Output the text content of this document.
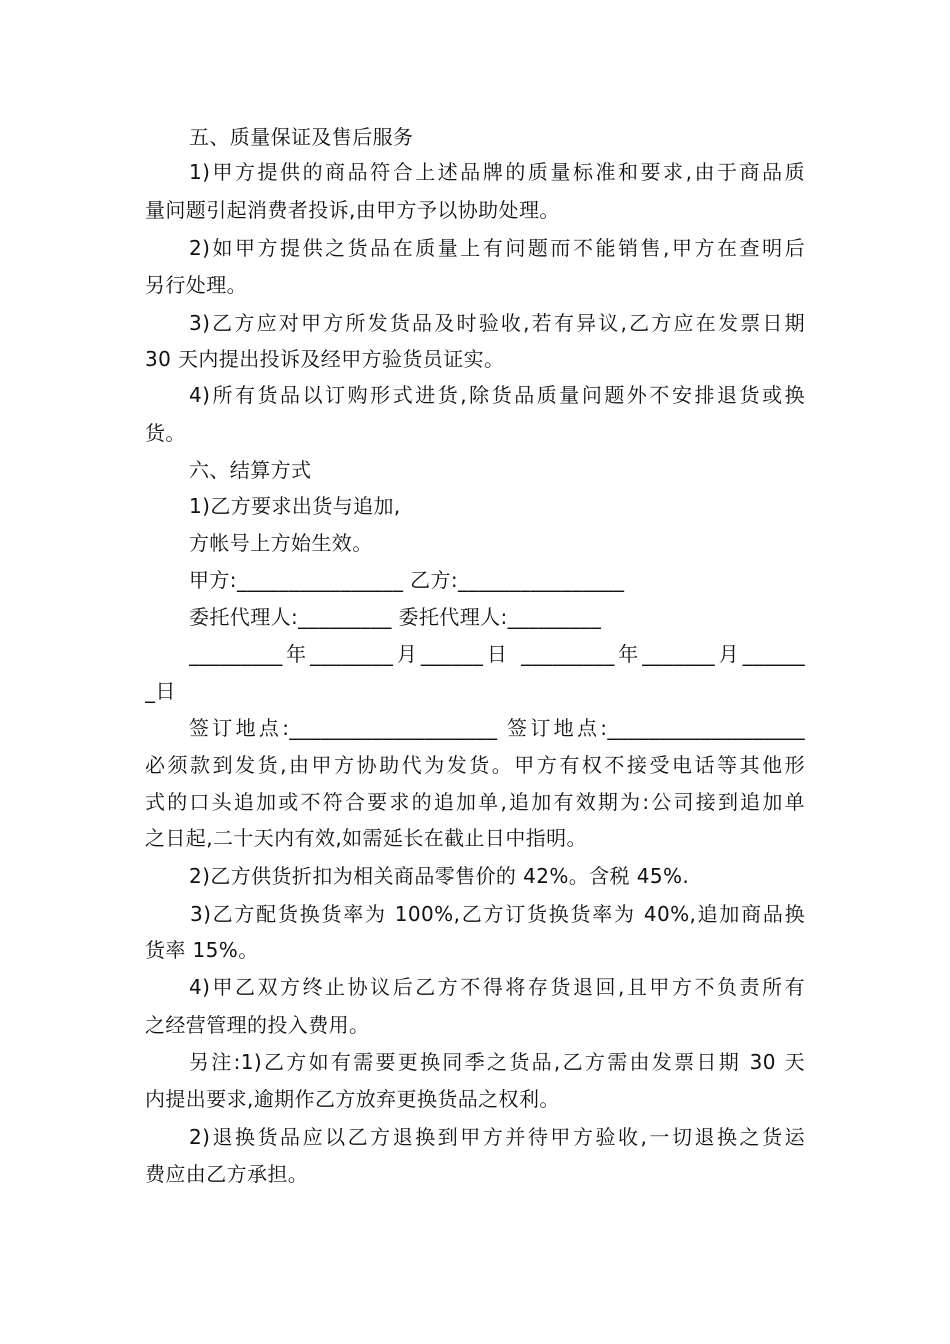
五、质量保证及售后服务
1)甲方提供的商品符合上述品牌的质量标准和要求,由于商品质
量问题引起消费者投诉,由甲方予以协助处理。
2)如甲方提供之货品在质量上有问题而不能销售,甲方在查明后
另行处理。
3)乙方应对甲方所发货品及时验收,若有异议,乙方应在发票日期
30 天内提出投诉及经甲方验货员证实。
4)所有货品以订购形式进货,除货品质量问题外不安排退货或换
货。
六、结算方式
1)乙方要求出货与追加,
方帐号上方始生效。
甲方:________________ 乙方:________________
委托代理人:_________ 委托代理人:_________
_________年________月______日 _________年_______月______
_日
签订地点:____________________ 签订地点:___________________
必须款到发货,由甲方协助代为发货。甲方有权不接受电话等其他形
式的口头追加或不符合要求的追加单,追加有效期为:公司接到追加单
之日起,二十天内有效,如需延长在截止日中指明。
2)乙方供货折扣为相关商品零售价的 42%。含税 45%.
3)乙方配货换货率为 100%,乙方订货换货率为 40%,追加商品换
货率 15%。
4)甲乙双方终止协议后乙方不得将存货退回,且甲方不负责所有
之经营管理的投入费用。
另注:1)乙方如有需要更换同季之货品,乙方需由发票日期 30 天
内提出要求,逾期作乙方放弃更换货品之权利。
2)退换货品应以乙方退换到甲方并待甲方验收,一切退换之货运
费应由乙方承担。
